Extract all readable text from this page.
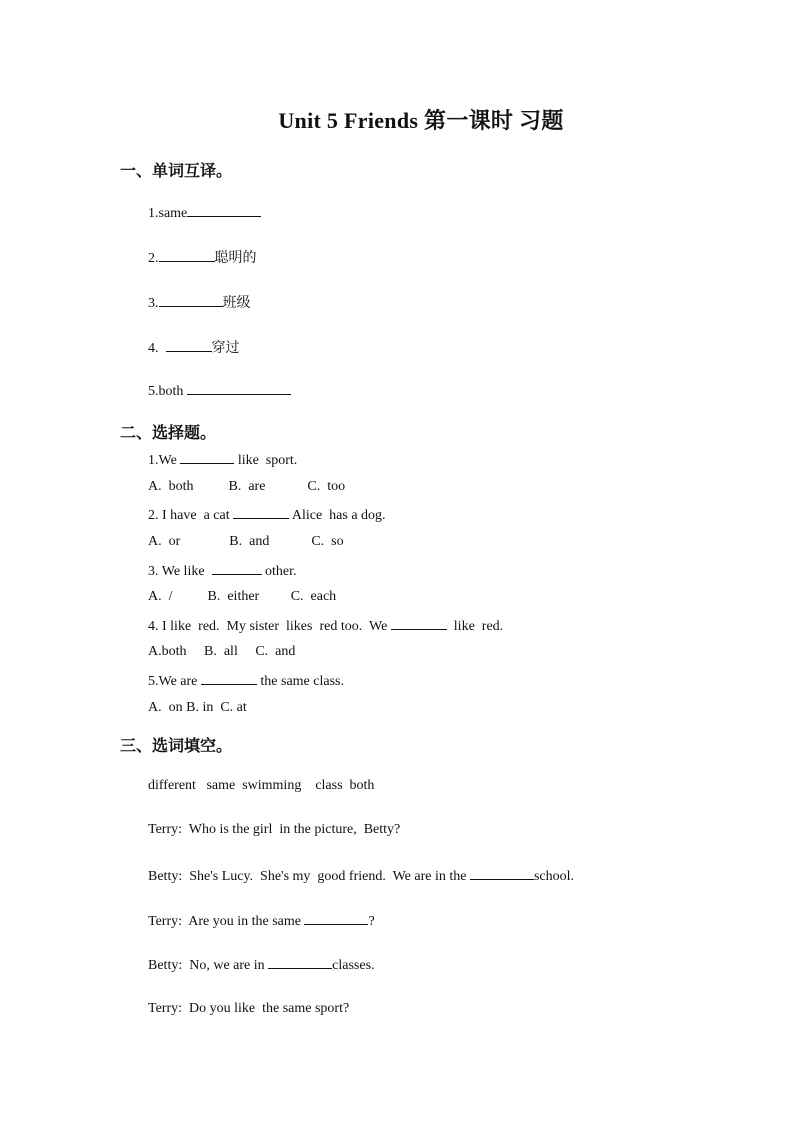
Unit 5 Friends 第一课时 习题
一、单词互译。
1.same
2.	聪明的
3.	班级
4.	穿过
5.both
二、选择题。
1.We	like  sport.
A.  both          B.  are            C.  too
2. I have  a cat	Alice  has a dog.
A.  or              B.  and            C.  so
3. We like	other.
A.  /          B.  either         C.  each
4. I like  red.  My sister  likes  red too.  We	like  red.
A.both     B.  all     C.  and
5.We are	the same class.
A.  on B. in  C. at
三、选词填空。
different   same  swimming    class  both
Terry:  Who is the girl  in the picture,  Betty?
Betty:  She's Lucy.  She's my  good friend.  We are in the	school.
Terry:  Are you in the same	?
Betty:  No, we are in	classes.
Terry:  Do you like  the same sport?
